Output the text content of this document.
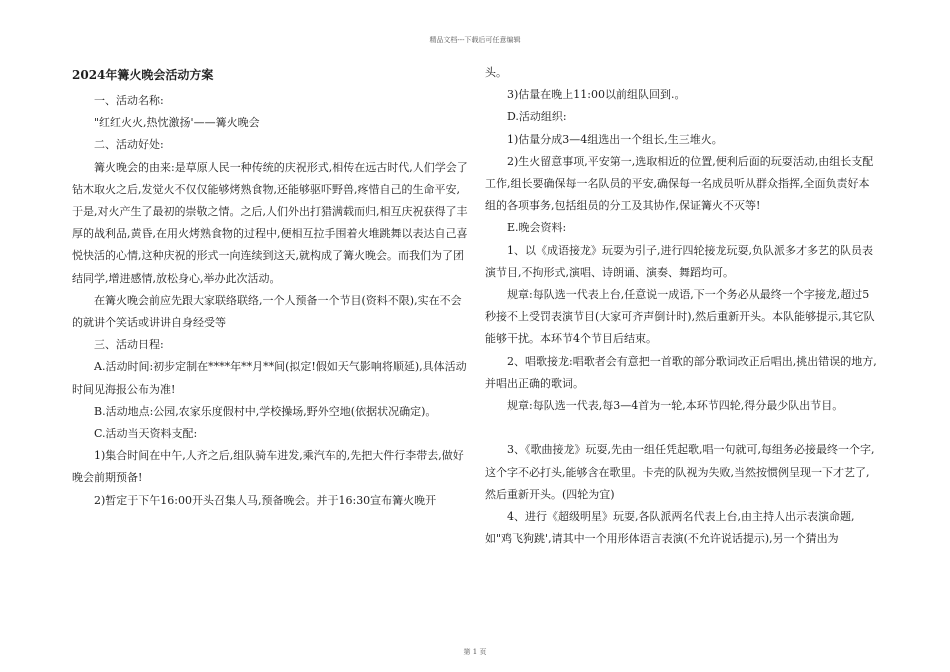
精品文档---下载后可任意编辑
2024年篝火晚会活动方案

一、活动名称:

"红红火火,热忱激扬'——篝火晚会

二、活动好处:

篝火晚会的由来:是草原人民一种传统的庆祝形式,相传在远古时代,人们学会了钻木取火之后,发觉火不仅仅能够烤熟食物,还能够驱吓野兽,疼惜自己的生命平安,于是,对火产生了最初的崇敬之情。之后,人们外出打猎满载而归,相互庆祝获得了丰厚的战利品,黄昏,在用火烤熟食物的过程中,便相互拉手围着火堆跳舞以表达自己喜悦快活的心情,这种庆祝的形式一向连续到这天,就构成了篝火晚会。而我们为了团结同学,增进感情,放松身心,举办此次活动。

在篝火晚会前应先跟大家联络联络,一个人预备一个节目(资料不限),实在不会的就讲个笑话或讲讲自身经受等

三、活动日程:

A.活动时间:初步定制在****年**月**间(拟定!假如天气影响将顺延),具体活动时间见海报公布为准!

B.活动地点:公园,农家乐度假村中,学校操场,野外空地(依据状况确定)。

C.活动当天资料支配:

1)集合时间在中午,人齐之后,组队骑车进发,乘汽车的,先把大件行李带去,做好晚会前期预备!

2)暂定于下午16:00开头召集人马,预备晚会。并于16:30宣布篝火晚开

头。

3)估量在晚上11:00以前组队回到.。

D.活动组织:

1)估量分成3—4组选出一个组长,生三堆火。

2)生火留意事项,平安第一,选取相近的位置,便利后面的玩耍活动,由组长支配工作,组长要确保每一名队员的平安,确保每一名成员听从群众指挥,全面负责好本组的各项事务,包括组员的分工及其协作,保证篝火不灭等!

E.晚会资料:

1、以《成语接龙》玩耍为引子,进行四轮接龙玩耍,负队派多才多艺的队员表演节目,不拘形式,演唱、诗朗诵、演奏、舞蹈均可。

规章:每队选一代表上台,任意说一成语,下一个务必从最终一个字接龙,超过5秒接不上受罚表演节目(大家可齐声倒计时),然后重新开头。本队能够提示,其它队能够干扰。本环节4个节目后结束。

2、唱歌接龙:唱歌者会有意把一首歌的部分歌词改正后唱出,挑出错误的地方,并唱出正确的歌词。

规章:每队选一代表,每3—4首为一轮,本环节四轮,得分最少队出节目。

3、《歌曲接龙》玩耍,先由一组任凭起歌,唱一句就可,每组务必接最终一个字,这个字不必打头,能够含在歌里。卡壳的队视为失败,当然按惯例呈现一下才艺了,然后重新开头。(四轮为宜)

4、进行《超级明星》玩耍,各队派两名代表上台,由主持人出示表演命题,如"鸡飞狗跳',请其中一个用形体语言表演(不允许说话提示),另一个猜出为

第 1 页
